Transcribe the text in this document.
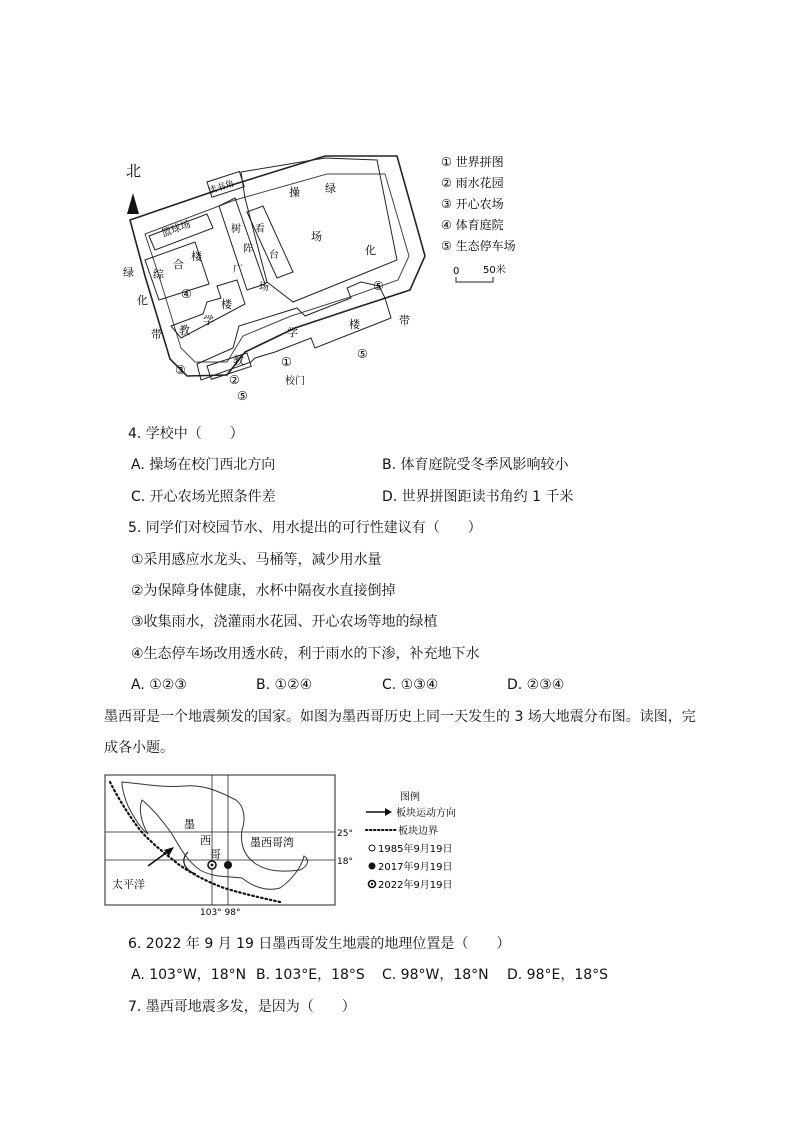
北
篮球场
读书角	操
场
绿
化
绿
化
带
带
综
合
楼
④
树
阵
广
场
看
台
教
学
楼
学
楼
教	①
②
③
⑤
⑤
⑤
校门
① 世界拼图
② 雨水花园
③ 开心农场
④ 体育庭院
⑤ 生态停车场
0 50米
4. 学校中（　　）
A. 操场在校门西北方向	B. 体育庭院受冬季风影响较小
C. 开心农场光照条件差	D. 世界拼图距读书角约 1 千米
5. 同学们对校园节水、用水提出的可行性建议有（　　）
①采用感应水龙头、马桶等，减少用水量
②为保障身体健康，水杯中隔夜水直接倒掉
③收集雨水，浇灌雨水花园、开心农场等地的绿植
④生态停车场改用透水砖，利于雨水的下渗，补充地下水
A. ①②③	B. ①②④	C. ①③④	D. ②③④
墨西哥是一个地震频发的国家。如图为墨西哥历史上同一天发生的 3 场大地震分布图。读图，完
成各小题。
墨
西
哥
墨西哥湾
太平洋
25°
18°
103° 98°
图例
板块运动方向
板块边界
1985年9月19日
2017年9月19日
2022年9月19日
6. 2022 年 9 月 19 日墨西哥发生地震的地理位置是（　　）
A. 103°W，18°N B. 103°E，18°S C. 98°W，18°N D. 98°E，18°S
7. 墨西哥地震多发，是因为（　　）
